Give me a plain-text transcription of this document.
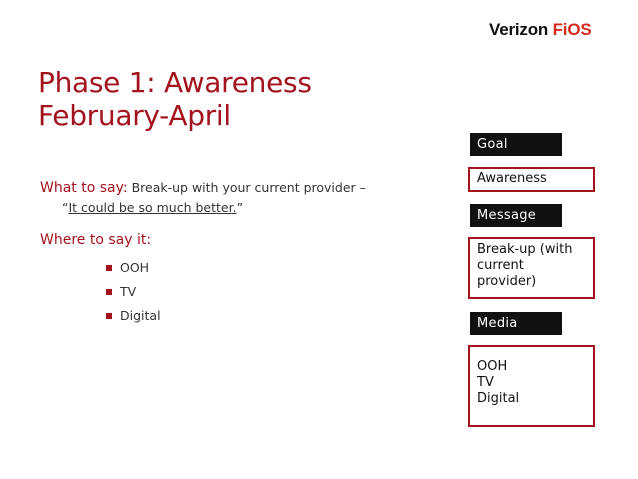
Verizon FiOS
Phase 1: Awareness
February-April
What to say: Break-up with your current provider –
“It could be so much better.”
Where to say it:
OOH
TV
Digital
Goal
Awareness
Message
Break-up (with
current
provider)
Media
OOH
TV
Digital
